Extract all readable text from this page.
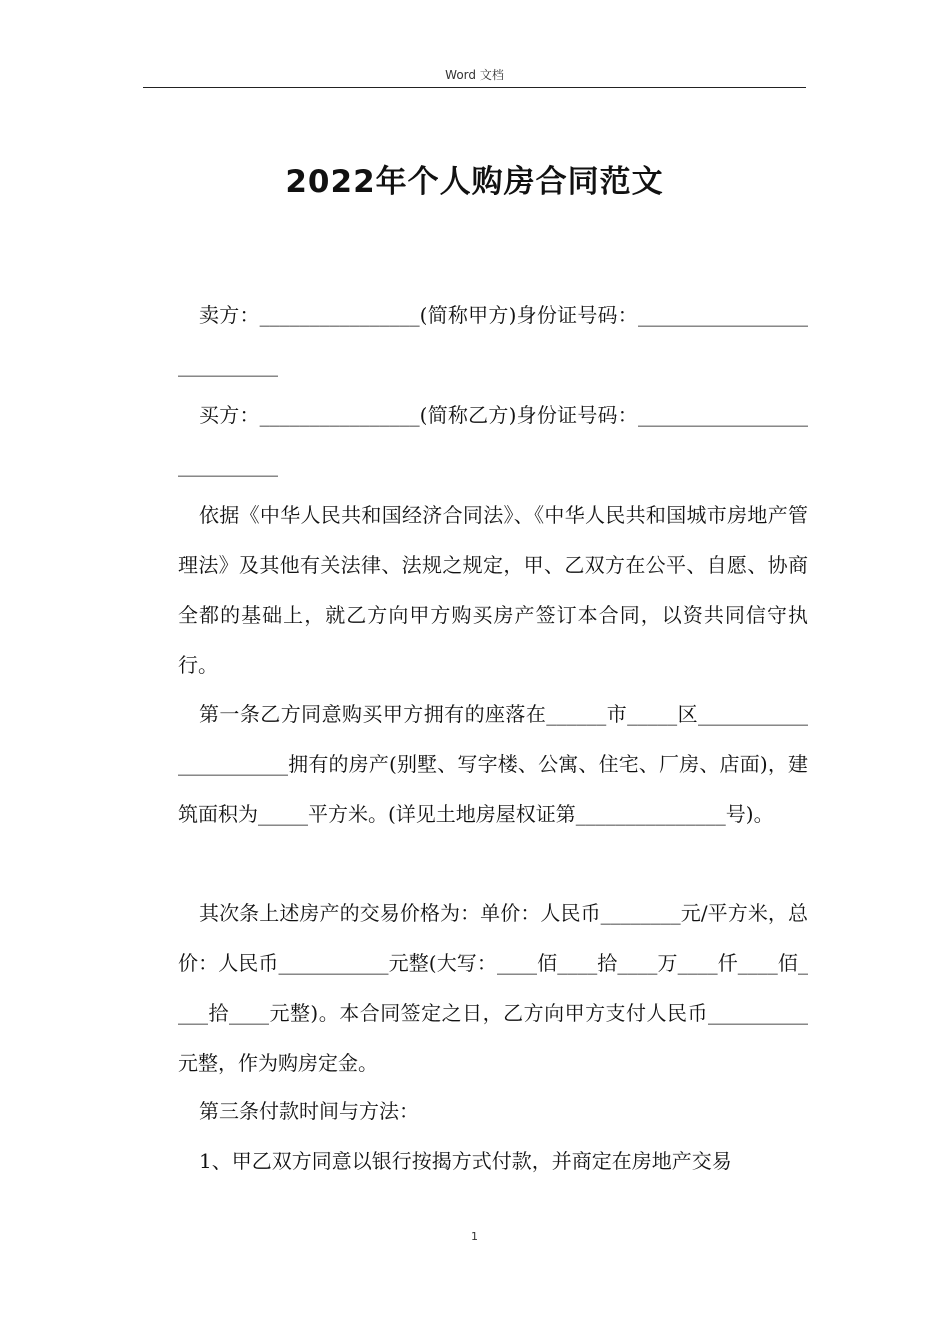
Word 文档
2022年个人购房合同范文

卖方：________________(简称甲方)身份证号码：___________________________

买方：________________(简称乙方)身份证号码：___________________________

依据《中华人民共和国经济合同法》、《中华人民共和国城市房地产管理法》及其他有关法律、法规之规定，甲、乙双方在公平、自愿、协商全都的基础上，就乙方向甲方购买房产签订本合同，以资共同信守执行。

第一条乙方同意购买甲方拥有的座落在______市_____区______________________拥有的房产(别墅、写字楼、公寓、住宅、厂房、店面)，建筑面积为_____平方米。(详见土地房屋权证第_______________号)。

其次条上述房产的交易价格为：单价：人民币________元/平方米，总价：人民币___________元整(大写：____佰____拾____万____仟____佰____拾____元整)。本合同签定之日，乙方向甲方支付人民币__________元整，作为购房定金。

第三条付款时间与方法：

1、甲乙双方同意以银行按揭方式付款，并商定在房地产交易

1
